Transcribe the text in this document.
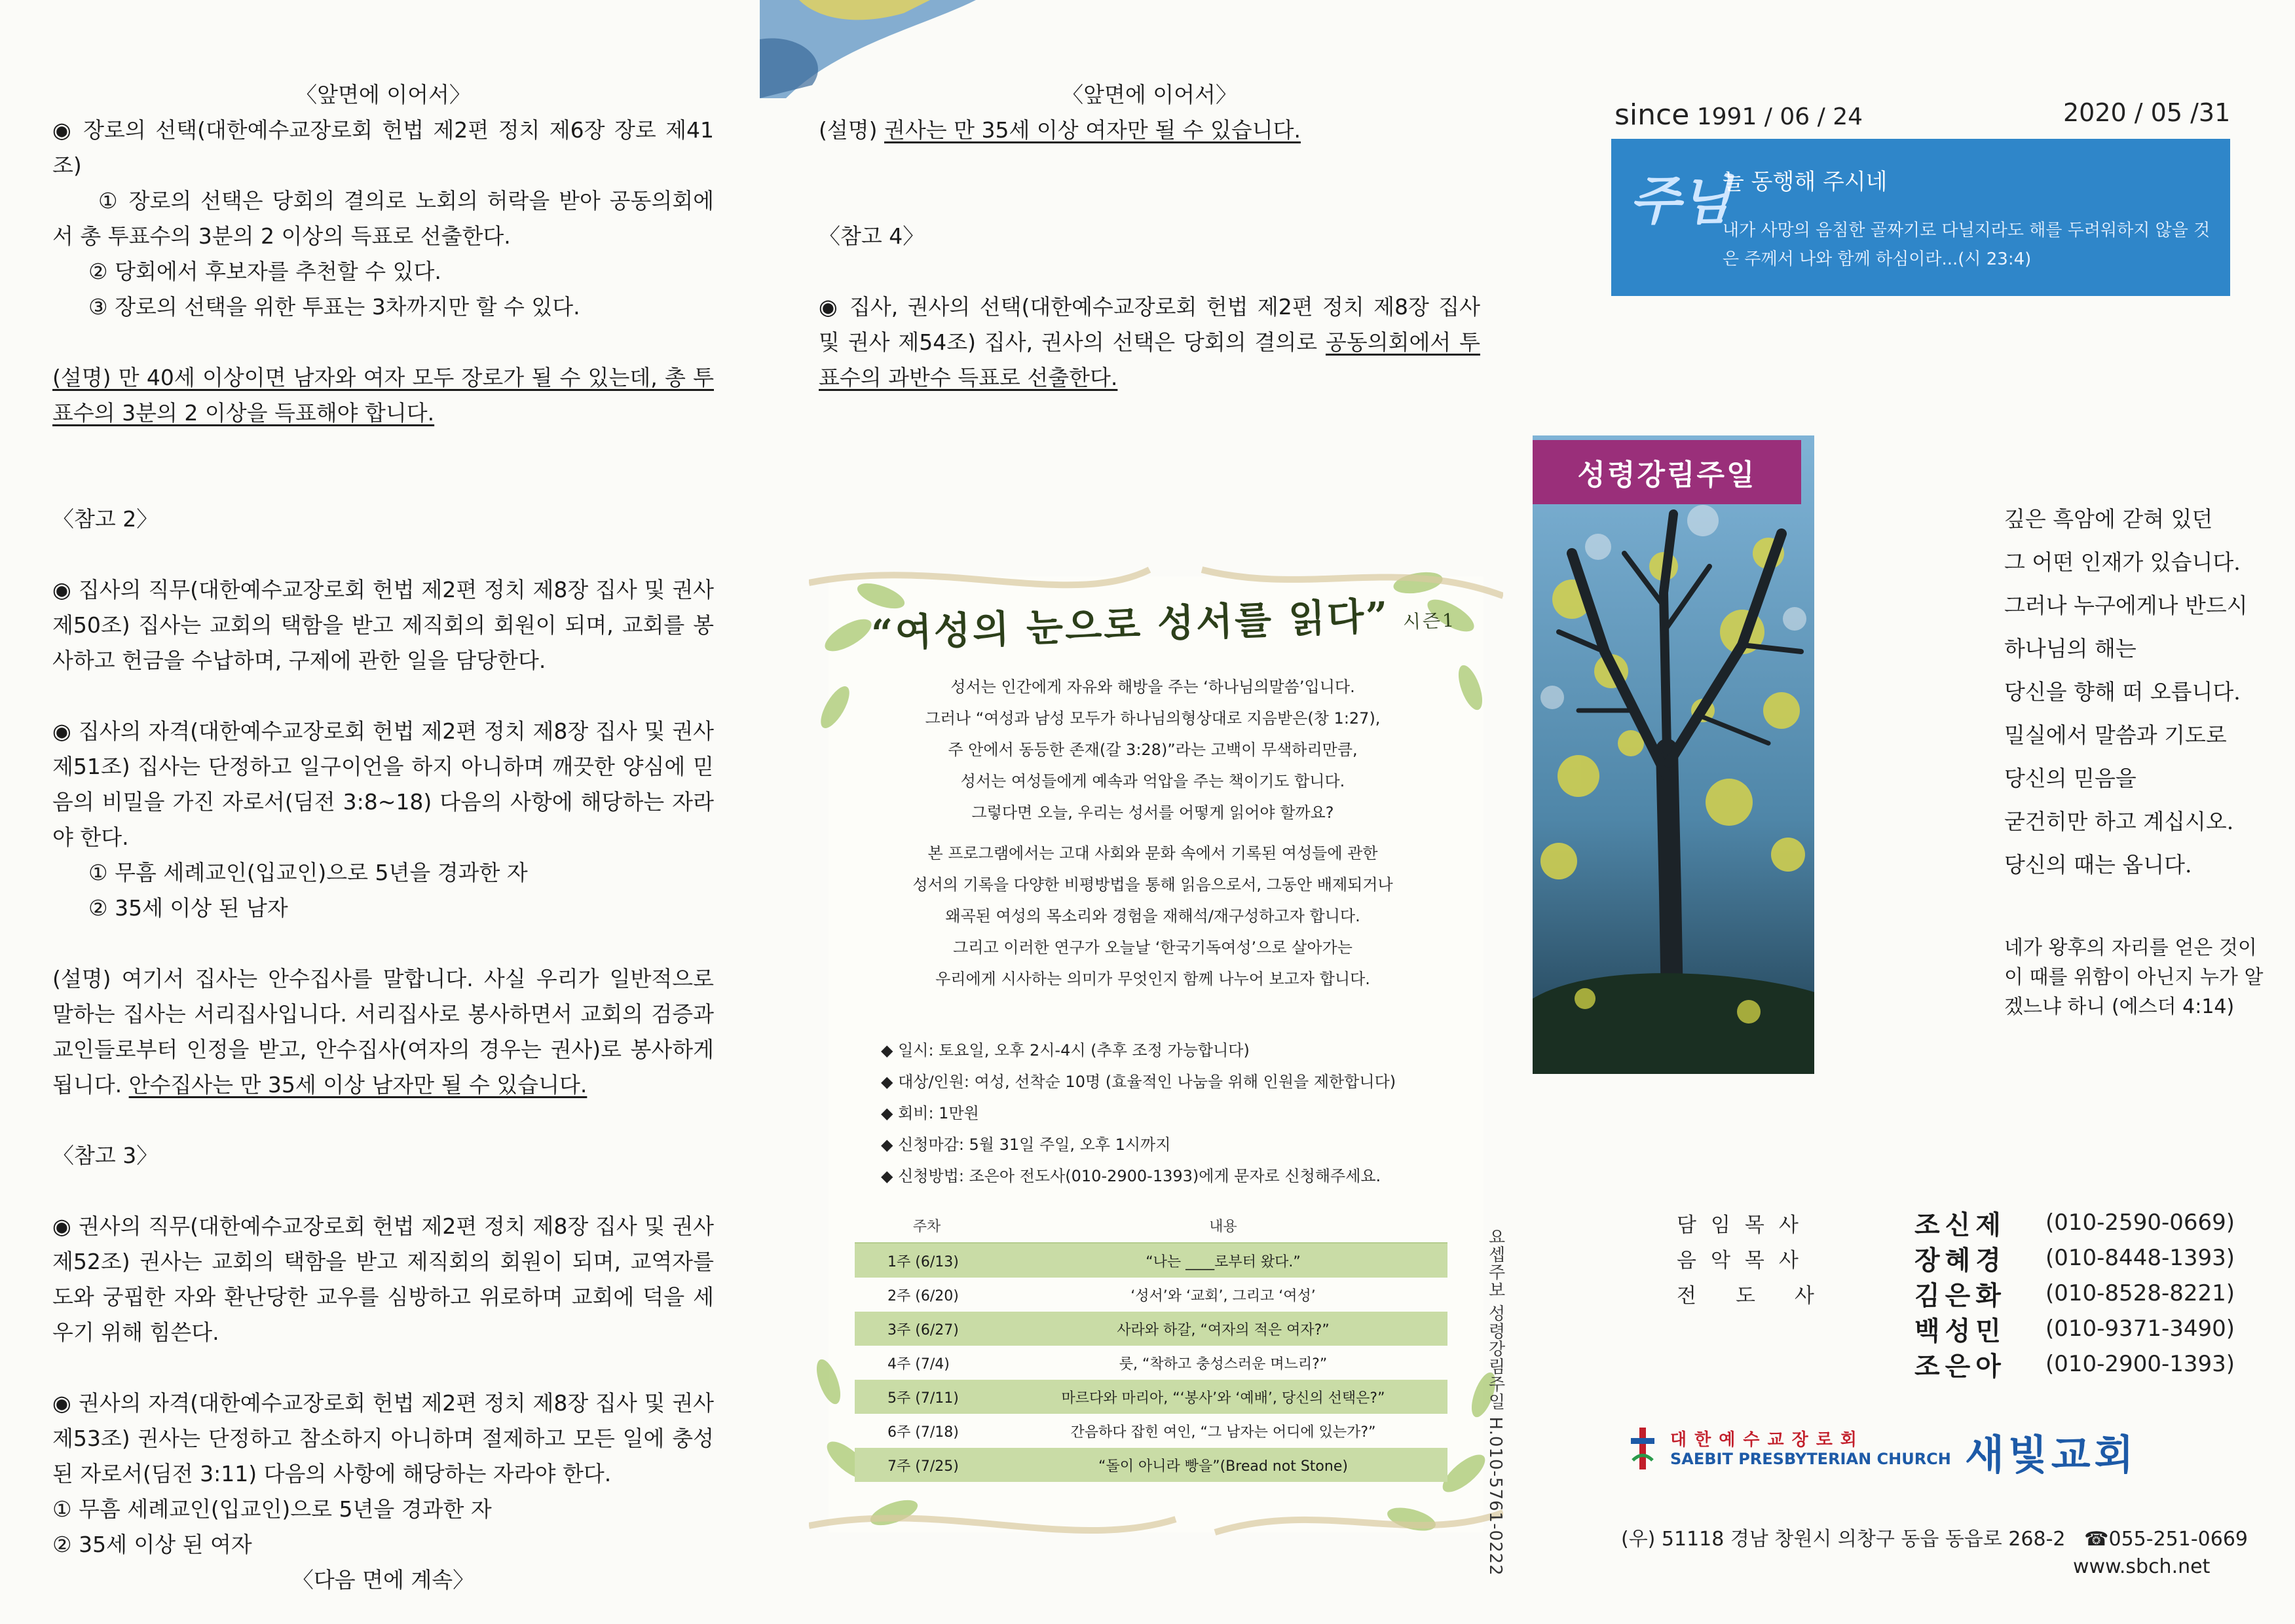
〈앞면에 이어서〉

◉ 장로의 선택(대한예수교장로회 헌법 제2편 정치 제6장 장로 제41조)

① 장로의 선택은 당회의 결의로 노회의 허락을 받아 공동의회에서 총 투표수의 3분의 2 이상의 득표로 선출한다.

② 당회에서 후보자를 추천할 수 있다.

③ 장로의 선택을 위한 투표는 3차까지만 할 수 있다.

(설명) 만 40세 이상이면 남자와 여자 모두 장로가 될 수 있는데, 총 투표수의 3분의 2 이상을 득표해야 합니다.

〈참고 2〉

◉ 집사의 직무(대한예수교장로회 헌법 제2편 정치 제8장 집사 및 권사 제50조) 집사는 교회의 택함을 받고 제직회의 회원이 되며, 교회를 봉사하고 헌금을 수납하며, 구제에 관한 일을 담당한다.

◉ 집사의 자격(대한예수교장로회 헌법 제2편 정치 제8장 집사 및 권사 제51조) 집사는 단정하고 일구이언을 하지 아니하며 깨끗한 양심에 믿음의 비밀을 가진 자로서(딤전 3:8~18) 다음의 사항에 해당하는 자라야 한다.

① 무흠 세례교인(입교인)으로 5년을 경과한 자

② 35세 이상 된 남자

(설명) 여기서 집사는 안수집사를 말합니다. 사실 우리가 일반적으로 말하는 집사는 서리집사입니다. 서리집사로 봉사하면서 교회의 검증과 교인들로부터 인정을 받고, 안수집사(여자의 경우는 권사)로 봉사하게 됩니다. 안수집사는 만 35세 이상 남자만 될 수 있습니다.

〈참고 3〉

◉ 권사의 직무(대한예수교장로회 헌법 제2편 정치 제8장 집사 및 권사 제52조) 권사는 교회의 택함을 받고 제직회의 회원이 되며, 교역자를 도와 궁핍한 자와 환난당한 교우를 심방하고 위로하며 교회에 덕을 세우기 위해 힘쓴다.

◉ 권사의 자격(대한예수교장로회 헌법 제2편 정치 제8장 집사 및 권사 제53조) 권사는 단정하고 참소하지 아니하며 절제하고 모든 일에 충성된 자로서(딤전 3:11) 다음의 사항에 해당하는 자라야 한다.

① 무흠 세례교인(입교인)으로 5년을 경과한 자

② 35세 이상 된 여자

〈다음 면에 계속〉

〈앞면에 이어서〉

(설명) 권사는 만 35세 이상 여자만 될 수 있습니다.

〈참고 4〉

◉ 집사, 권사의 선택(대한예수교장로회 헌법 제2편 정치 제8장 집사 및 권사 제54조) 집사, 권사의 선택은 당회의 결의로 공동의회에서 투표수의 과반수 득표로 선출한다.

“여성의 눈으로 성서를 읽다” 시즌1

성서는 인간에게 자유와 해방을 주는 ‘하나님의말씀’입니다.

그러나 “여성과 남성 모두가 하나님의형상대로 지음받은(창 1:27),

주 안에서 동등한 존재(갈 3:28)”라는 고백이 무색하리만큼,

성서는 여성들에게 예속과 억압을 주는 책이기도 합니다.

그렇다면 오늘, 우리는 성서를 어떻게 읽어야 할까요?

본 프로그램에서는 고대 사회와 문화 속에서 기록된 여성들에 관한

성서의 기록을 다양한 비평방법을 통해 읽음으로서, 그동안 배제되거나

왜곡된 여성의 목소리와 경험을 재해석/재구성하고자 합니다.

그리고 이러한 연구가 오늘날 ‘한국기독여성’으로 살아가는

우리에게 시사하는 의미가 무엇인지 함께 나누어 보고자 합니다.

◆ 일시: 토요일, 오후 2시-4시 (추후 조정 가능합니다)

◆ 대상/인원: 여성, 선착순 10명 (효율적인 나눔을 위해 인원을 제한합니다)

◆ 회비: 1만원

◆ 신청마감: 5월 31일 주일, 오후 1시까지

◆ 신청방법: 조은아 전도사(010-2900-1393)에게 문자로 신청해주세요.

주차	내용
1주 (6/13)	“나는 ____로부터 왔다.”
2주 (6/20)	‘성서’와 ‘교회’, 그리고 ‘여성’
3주 (6/27)	사라와 하갈, “여자의 적은 여자?”
4주 (7/4)	룻, “착하고 충성스러운 며느리?”
5주 (7/11)	마르다와 마리아, “‘봉사’와 ‘예배’, 당신의 선택은?”
6주 (7/18)	간음하다 잡힌 여인, “그 남자는 어디에 있는가?”
7주 (7/25)	“돌이 아니라 빵을”(Bread not Stone)	요셉주보 성령강림주일 H.010-5761-0222
since 1991 / 06 / 24	2020 / 05 /31
주님
늘 동행해 주시네
내가 사망의 음침한 골짜기로 다닐지라도 해를 두려워하지 않을 것은 주께서 나와 함께 하심이라...(시 23:4)
성령강림주일

깊은 흑암에 갇혀 있던

그 어떤 인재가 있습니다.

그러나 누구에게나 반드시

하나님의 해는

당신을 향해 떠 오릅니다.

밀실에서 말씀과 기도로

당신의 믿음을

굳건히만 하고 계십시오.

당신의 때는 옵니다.

네가 왕후의 자리를 얻은 것이 이 때를 위함이 아닌지 누가 알겠느냐 하니 (에스더 4:14)
담임목사	조신제	(010-2590-0669)
음악목사	장혜경	(010-8448-1393)
전도사	김은화	(010-8528-8221)
백성민	(010-9371-3490)
조은아	(010-2900-1393)
대한예수교장로회
SAEBIT PRESBYTERIAN CHURCH 새빛교회
(우) 51118 경남 창원시 의창구 동읍 동읍로 268-2 ☎055-251-0669
www.sbch.net
